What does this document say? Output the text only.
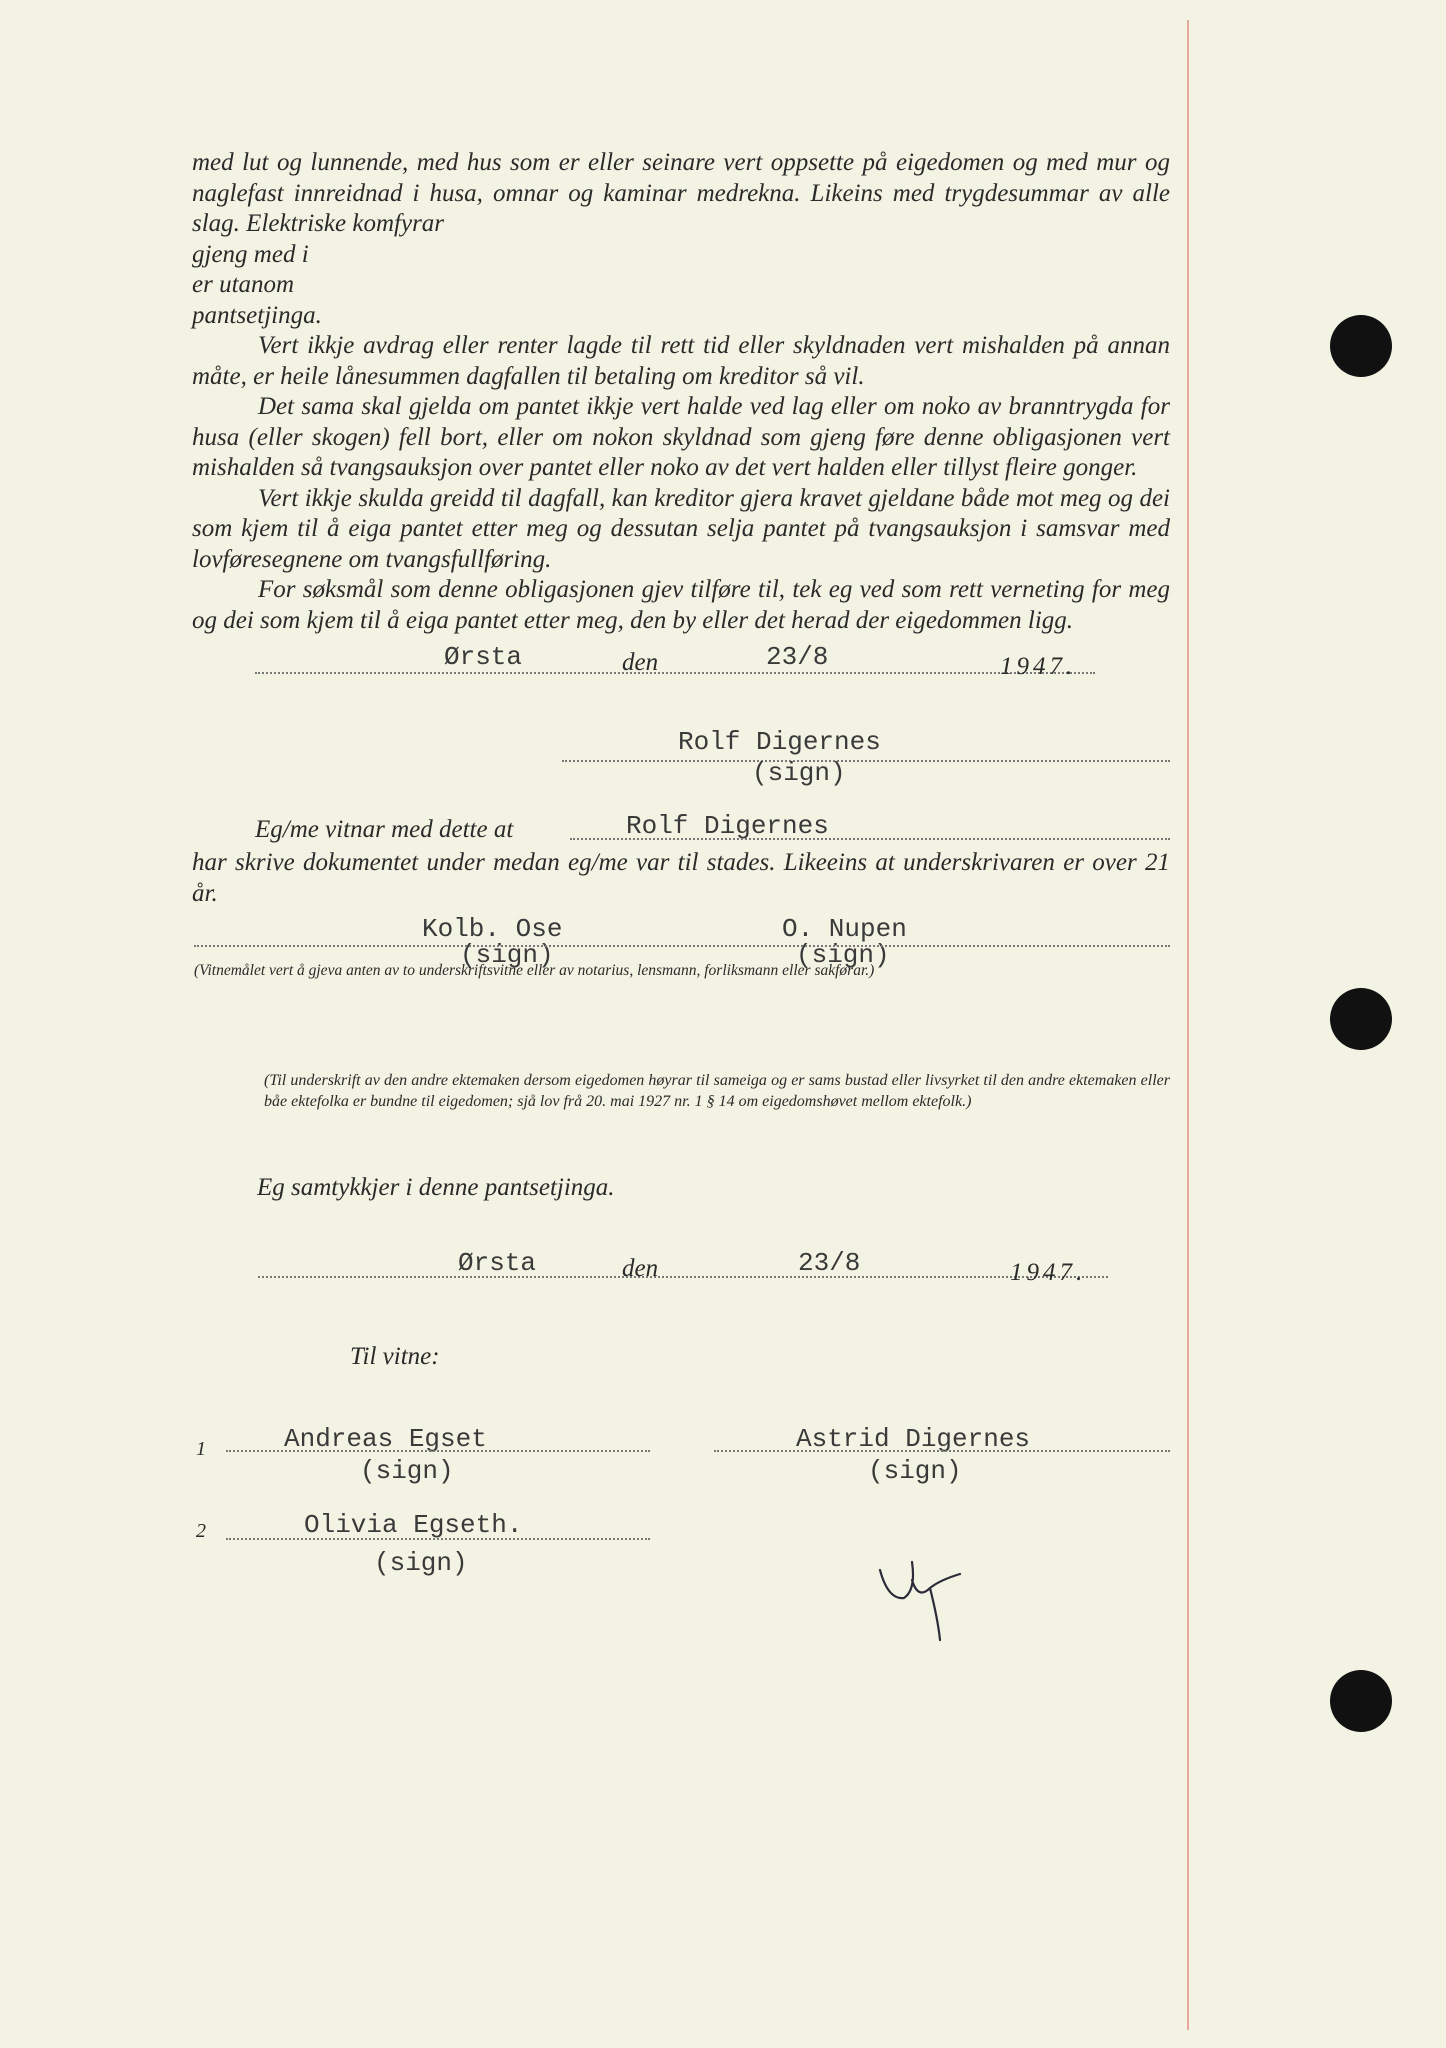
med lut og lunnende, med hus som er eller seinare vert oppsette på eigedomen og med mur og naglefast innreidnad i husa, omnar og kaminar medrekna. Likeins med trygdesummar av alle slag. Elektriske komfyrar

gjeng med i
er utanom
pantsetjinga.

Vert ikkje avdrag eller renter lagde til rett tid eller skyldnaden vert mishalden på annan måte, er heile lånesummen dagfallen til betaling om kreditor så vil.

Det sama skal gjelda om pantet ikkje vert halde ved lag eller om noko av branntrygda for husa (eller skogen) fell bort, eller om nokon skyldnad som gjeng føre denne obligasjonen vert mishalden så tvangsauksjon over pantet eller noko av det vert halden eller tillyst fleire gonger.

Vert ikkje skulda greidd til dagfall, kan kreditor gjera kravet gjeldane både mot meg og dei som kjem til å eiga pantet etter meg og dessutan selja pantet på tvangsauksjon i samsvar med lovføresegnene om tvangsfullføring.

For søksmål som denne obligasjonen gjev tilføre til, tek eg ved som rett verneting for meg og dei som kjem til å eiga pantet etter meg, den by eller det herad der eigedommen ligg.

Ørsta	den	23/8	1947.
Rolf Digernes
(sign)
Eg/me vitnar med dette at	Rolf Digernes
har skrive dokumentet under medan eg/me var til stades. Likeeins at underskrivaren er over 21 år.
Kolb. Ose
(sign)
O. Nupen
(sign)
(Vitnemålet vert å gjeva anten av to underskriftsvitne eller av notarius, lensmann, forliksmann eller sakførar.)
(Til underskrift av den andre ektemaken dersom eigedomen høyrar til sameiga og er sams bustad eller livsyrket til den andre ektemaken eller båe ektefolka er bundne til eigedomen; sjå lov frå 20. mai 1927 nr. 1 § 14 om eigedomshøvet mellom ektefolk.)
Eg samtykkjer i denne pantsetjinga.
Ørsta	den	23/8	1947.
Til vitne:
1	Andreas Egset
(sign)
Astrid Digernes
(sign)
2	Olivia Egseth.
(sign)
